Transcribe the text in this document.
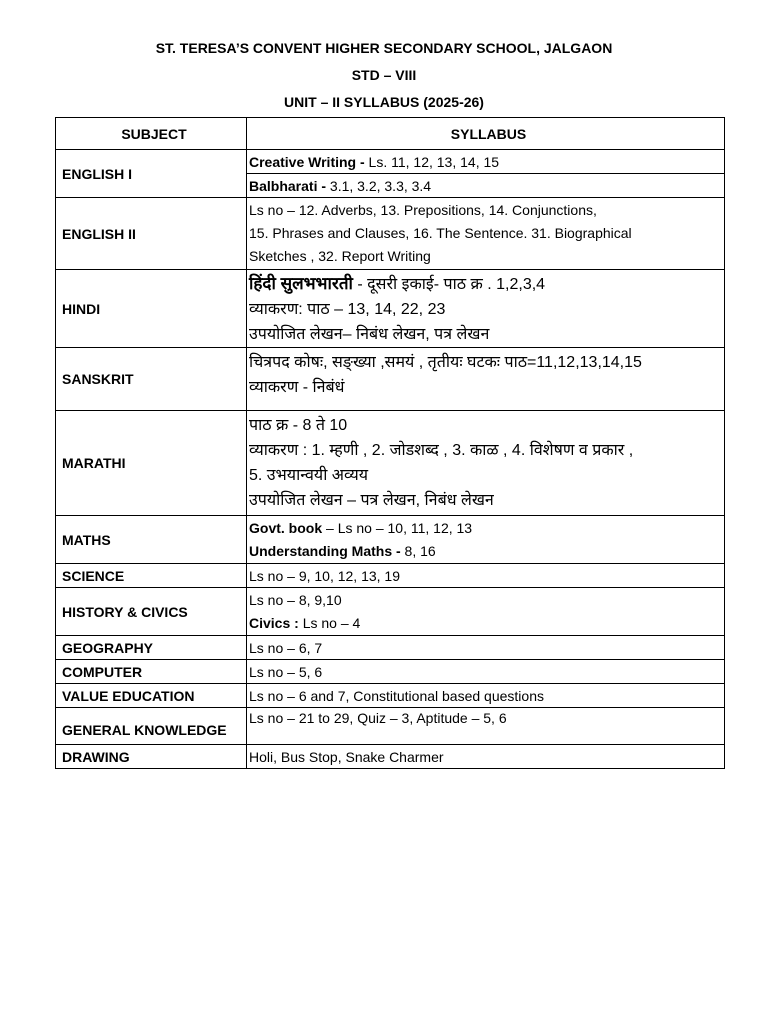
ST. TERESA’S CONVENT HIGHER SECONDARY SCHOOL, JALGAON
STD – VIII
UNIT – II SYLLABUS (2025-26)
SUBJECT	SYLLABUS
ENGLISH I	Creative Writing - Ls. 11, 12, 13, 14, 15
	Balbharati - 3.1, 3.2, 3.3, 3.4
ENGLISH II	Ls no – 12. Adverbs, 13. Prepositions, 14. Conjunctions,
15. Phrases and Clauses, 16. The Sentence. 31. Biographical
Sketches , 32. Report Writing

HINDI	हिंदी सुलभभारती - दूसरी इकाई- पाठ क्र . 1,2,3,4
व्याकरण: पाठ – 13, 14, 22, 23
उपयोजित लेखन– निबंध लेखन, पत्र लेखन

SANSKRIT	चित्रपद कोषः, सङ्ख्या ,समयं , तृतीयः घटकः पाठ=11,12,13,14,15
व्याकरण - निबंधं

MARATHI	पाठ क्र - 8 ते 10
व्याकरण : 1. म्हणी , 2. जोडशब्द , 3. काळ , 4. विशेषण व प्रकार ,
5. उभयान्वयी अव्यय
उपयोजित लेखन – पत्र लेखन, निबंध लेखन

MATHS	Govt. book – Ls no – 10, 11, 12, 13
Understanding Maths - 8, 16

SCIENCE	Ls no – 9, 10, 12, 13, 19
HISTORY & CIVICS	Ls no – 8, 9,10
Civics : Ls no – 4

GEOGRAPHY	Ls no – 6, 7
COMPUTER	Ls no – 5, 6
VALUE EDUCATION	Ls no – 6 and 7, Constitutional based questions
GENERAL KNOWLEDGE	Ls no – 21 to 29, Quiz – 3, Aptitude – 5, 6
DRAWING	Holi, Bus Stop, Snake Charmer
